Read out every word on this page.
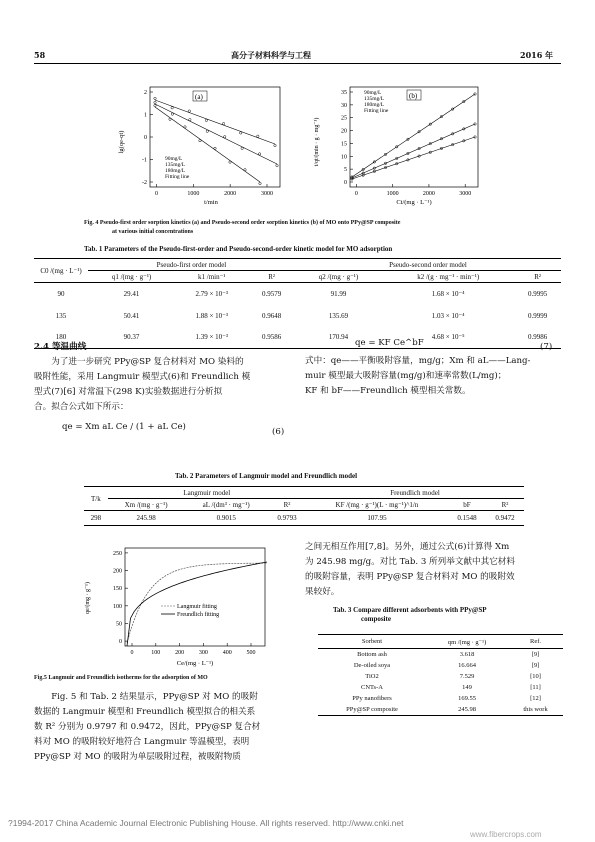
58	高分子材料科学与工程	2016 年
0	1000	2000	3000
2
1
0
-1
-2
(a)
90mg/L
135mg/L
180mg/L
Fitting line
t/min
lg(qe-qt)
0	1000	2000	3000
35
30
25
20
15
10
5
0
(b)
90mg/L
135mg/L
180mg/L
Fitting line
Ct/(mg · L⁻¹)
t/qt/(min · g · mg⁻¹)
Fig. 4 Pseudo-first order sorption kinetics (a) and Pseudo-second order sorption kinetics (b) of MO onto PPy@SP composite
at various initial concentrations
Tab. 1 Parameters of the Pseudo-first-order and Pseudo-second-order kinetic model for MO adsorption
C0 /(mg · L⁻¹)	Pseudo-first order model			Pseudo-second order model		
	q1 /(mg · g⁻¹)	k1 /min⁻¹	R²	q2 /(mg · g⁻¹)	k2 /(g · mg⁻¹ · min⁻¹)	R²
90	29.41	2.79 × 10⁻³	0.9579	91.99	1.68 × 10⁻⁴	0.9995
135	50.41	1.88 × 10⁻³	0.9648	135.69	1.03 × 10⁻⁴	0.9999
180	90.37	1.39 × 10⁻³	0.9586	170.94	4.68 × 10⁻⁵	0.9986
2.4 等温曲线
为了进一步研究 PPy@SP 复合材料对 MO 染料的
吸附性能，采用 Langmuir 模型式(6)和 Freundlich 模
型式(7)[6] 对常温下(298 K)实验数据进行分析拟
合。拟合公式如下所示：
qe = Xm aL Ce / (1 + aL Ce)	(6)
qe = KF Ce^bF	(7)
式中：qe——平衡吸附容量，mg/g；Xm 和 aL——Lang-
muir 模型最大吸附容量(mg/g)和速率常数(L/mg)；
KF 和 bF——Freundlich 模型相关常数。
Tab. 2 Parameters of Langmuir model and Freundlich model
T/k	Langmuir model			Freundlich model		
	Xm /(mg · g⁻¹)	aL /(dm³ · mg⁻¹)	R²	KF /(mg · g⁻¹)(L · mg⁻¹)^1/n	bF	R²
298	245.98	0.9015	0.9793	107.95	0.1548	0.9472
0	100 200 300 400 500
250
200
150
100
50
0
Langmuir fitting
Freundlich fitting
Ce/(mg · L⁻¹)
qe/(mg · g⁻¹)
Fig.5 Langmuir and Freundlich isotherms for the adsorption of MO
Fig. 5 和 Tab. 2 结果显示，PPy@SP 对 MO 的吸附
数据的 Langmuir 模型和 Freundlich 模型拟合的相关系
数 R² 分别为 0.9797 和 0.9472，因此，PPy@SP 复合材
料对 MO 的吸附较好地符合 Langmuir 等温模型，表明
PPy@SP 对 MO 的吸附为单层吸附过程，被吸附物质
之间无相互作用[7,8]。另外，通过公式(6)计算得 Xm
为 245.98 mg/g。对比 Tab. 3 所列举文献中其它材料
的吸附容量，表明 PPy@SP 复合材料对 MO 的吸附效
果较好。
Tab. 3 Compare different adsorbents with PPy@SP
composite
Sorbent	qm /(mg · g⁻¹)	Ref.
Bottom ash	3.618	[9]
De-oiled soya	16.664	[9]
TiO2	7.529	[10]
CNTs-A	149	[11]
PPy nanofibers	169.55	[12]
PPy@SP composite	245.98	this work
?1994-2017 China Academic Journal Electronic Publishing House. All rights reserved. http://www.cnki.net
www.fibercrops.com
